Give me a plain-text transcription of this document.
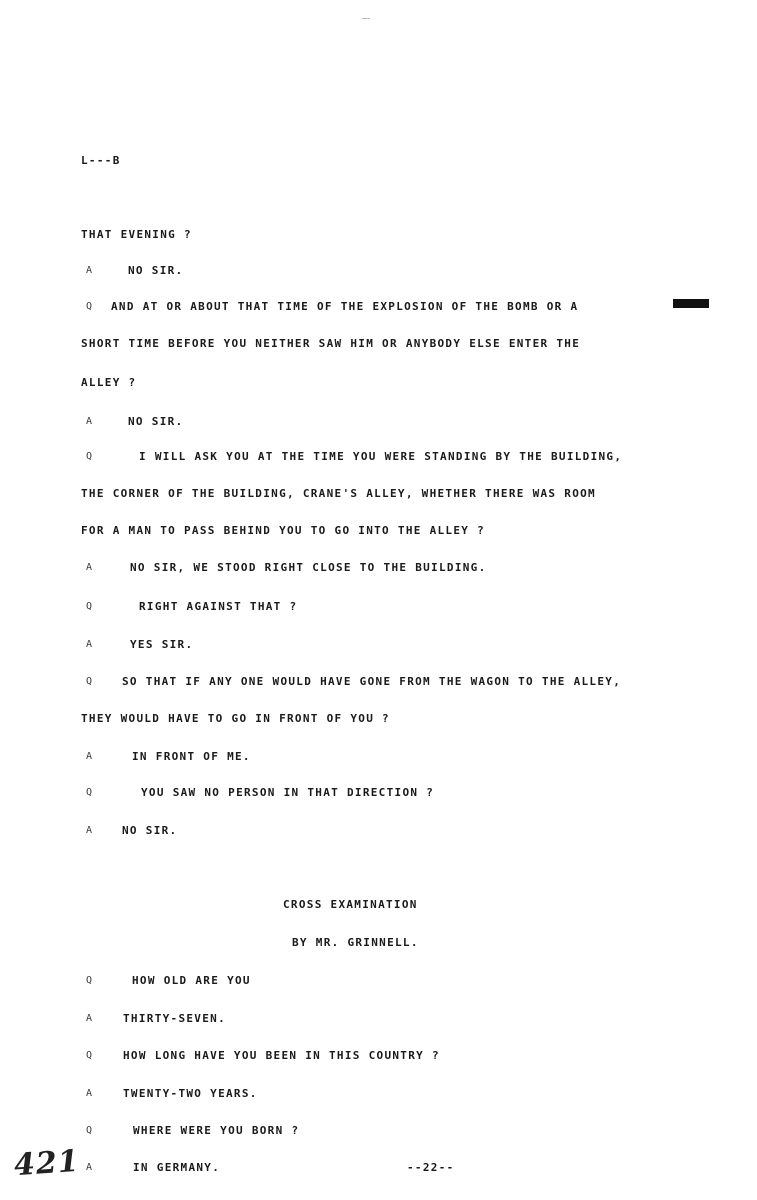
L---B
THAT EVENING ?
A	NO SIR.
Q AND AT OR ABOUT THAT TIME OF THE EXPLOSION OF THE BOMB OR A
SHORT TIME BEFORE YOU NEITHER SAW HIM OR ANYBODY ELSE ENTER THE
ALLEY ?
A	NO SIR.
Q	I WILL ASK YOU AT THE TIME YOU WERE STANDING BY THE BUILDING,
THE CORNER OF THE BUILDING, CRANE'S ALLEY, WHETHER THERE WAS ROOM
FOR A MAN TO PASS BEHIND YOU TO GO INTO THE ALLEY ?
A	NO SIR, WE STOOD RIGHT CLOSE TO THE BUILDING.
Q	RIGHT AGAINST THAT ?
A	YES SIR.
Q	SO THAT IF ANY ONE WOULD HAVE GONE FROM THE WAGON TO THE ALLEY,
THEY WOULD HAVE TO GO IN FRONT OF YOU ?
A	IN FRONT OF ME.
Q	YOU SAW NO PERSON IN THAT DIRECTION ?
A	NO SIR.
CROSS EXAMINATION
BY MR. GRINNELL.
Q	HOW OLD ARE YOU
A	THIRTY-SEVEN.
Q	HOW LONG HAVE YOU BEEN IN THIS COUNTRY ?
A	TWENTY-TWO YEARS.
Q	WHERE WERE YOU BORN ?
A	IN GERMANY.	--22--
421
